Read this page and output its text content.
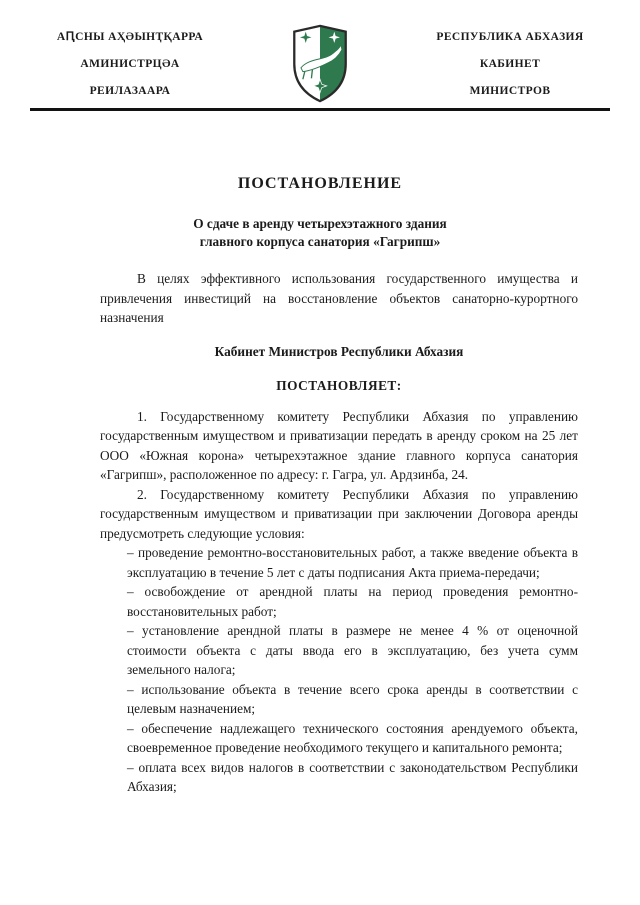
АԤСНЫ АҲӘЫНҬҚАРРА
АМИНИСТРЦӘА
РЕИЛАЗААРА
РЕСПУБЛИКА АБХАЗИЯ
КАБИНЕТ
МИНИСТРОВ
ПОСТАНОВЛЕНИЕ
О сдаче в аренду четырехэтажного здания
главного корпуса санатория «Гагрипш»

В целях эффективного использования государственного имущества и привлечения инвестиций на восстановление объектов санаторно-курортного назначения

Кабинет Министров Республики Абхазия

ПОСТАНОВЛЯЕТ:

1. Государственному комитету Республики Абхазия по управлению государственным имуществом и приватизации передать в аренду сроком на 25 лет ООО «Южная корона» четырехэтажное здание главного корпуса санатория «Гагрипш», расположенное по адресу: г. Гагра, ул. Ардзинба, 24.

2. Государственному комитету Республики Абхазия по управлению государственным имуществом и приватизации при заключении Договора аренды предусмотреть следующие условия:

– проведение ремонтно-восстановительных работ, а также введение объекта в эксплуатацию в течение 5 лет с даты подписания Акта приема-передачи;

– освобождение от арендной платы на период проведения ремонтно-восстановительных работ;

– установление арендной платы в размере не менее 4 % от оценочной стоимости объекта с даты ввода его в эксплуатацию, без учета сумм земельного налога;

– использование объекта в течение всего срока аренды в соответствии с целевым назначением;

– обеспечение надлежащего технического состояния арендуемого объекта, своевременное проведение необходимого текущего и капитального ремонта;

– оплата всех видов налогов в соответствии с законодательством Республики Абхазия;
